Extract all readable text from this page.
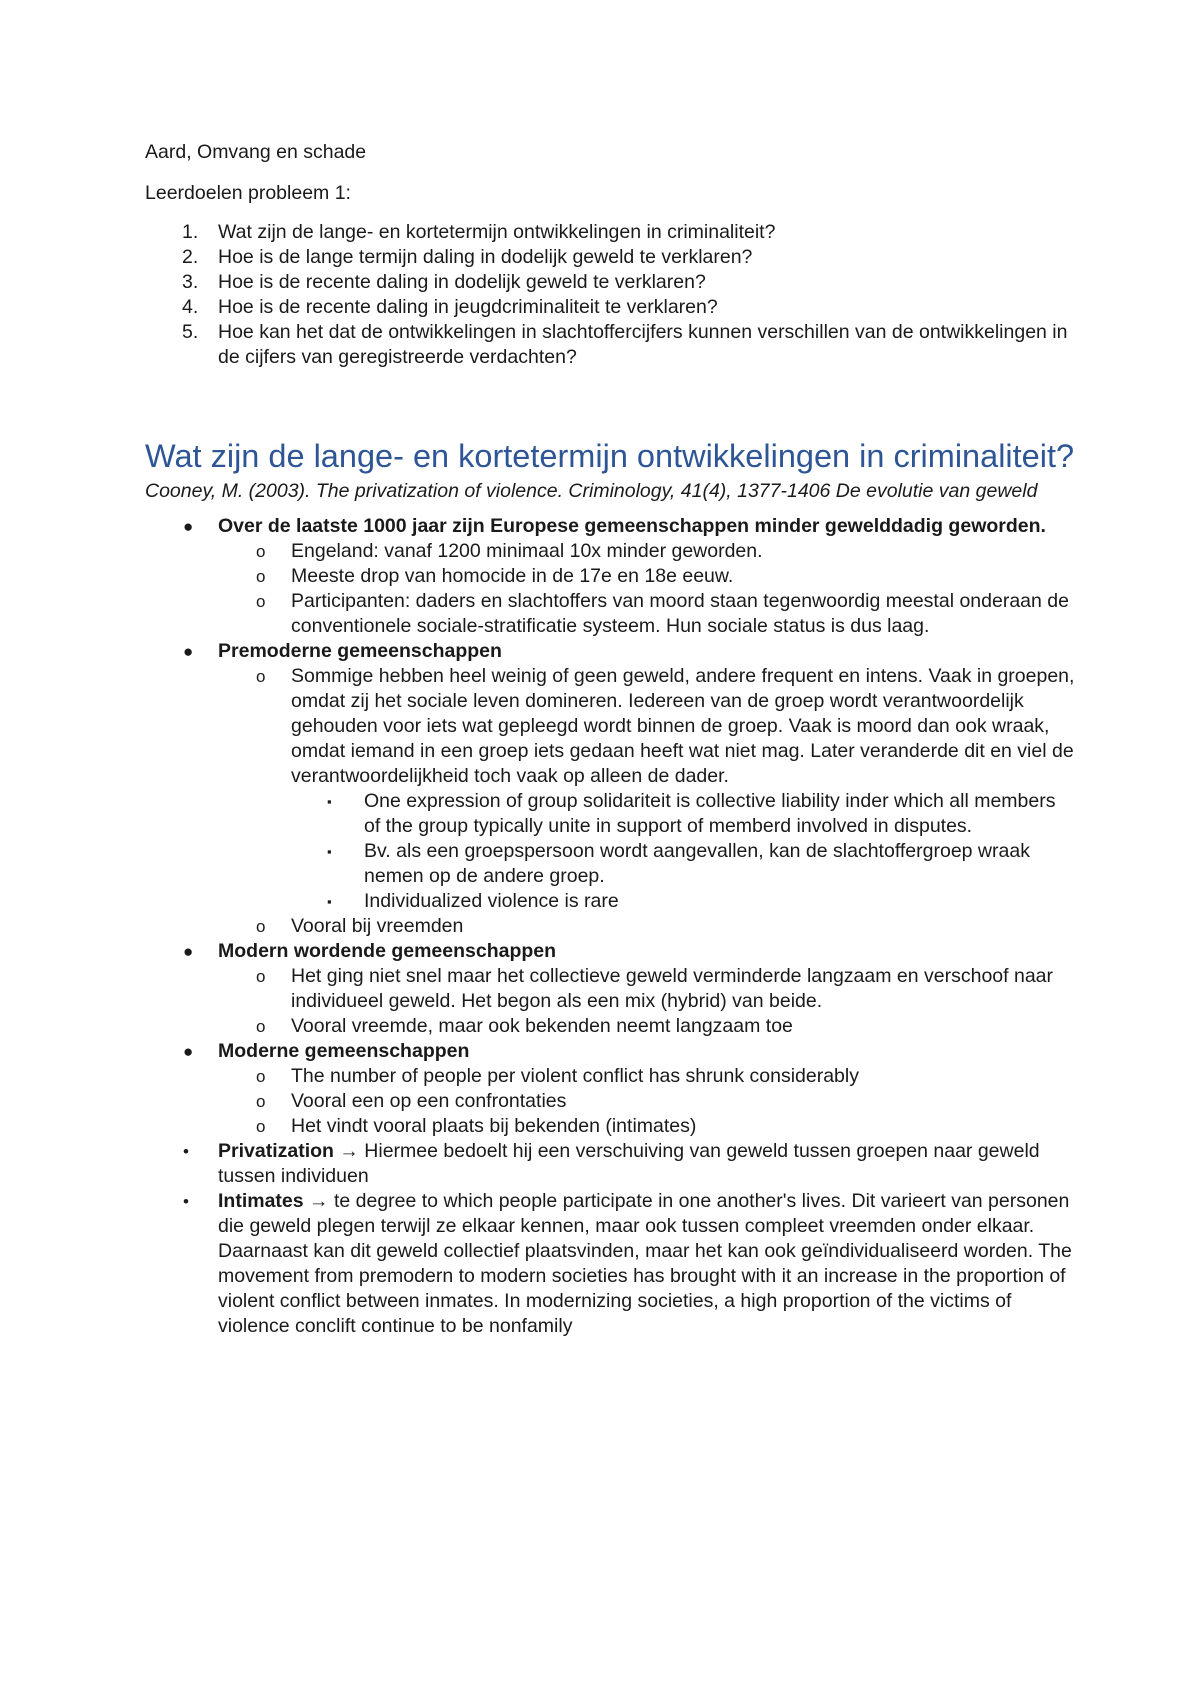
Aard, Omvang en schade

Leerdoelen probleem 1:

1. Wat zijn de lange- en kortetermijn ontwikkelingen in criminaliteit?
2. Hoe is de lange termijn daling in dodelijk geweld te verklaren?
3. Hoe is de recente daling in dodelijk geweld te verklaren?
4. Hoe is de recente daling in jeugdcriminaliteit te verklaren?
5. Hoe kan het dat de ontwikkelingen in slachtoffercijfers kunnen verschillen van de ontwikkelingen in de cijfers van geregistreerde verdachten?
Wat zijn de lange- en kortetermijn ontwikkelingen in criminaliteit?

Cooney, M. (2003). The privatization of violence. Criminology, 41(4), 1377-1406 De evolutie van geweld

● Over de laatste 1000 jaar zijn Europese gemeenschappen minder gewelddadig geworden.
o Engeland: vanaf 1200 minimaal 10x minder geworden.
o Meeste drop van homocide in de 17e en 18e eeuw.
o Participanten: daders en slachtoffers van moord staan tegenwoordig meestal onderaan de conventionele sociale-stratificatie systeem. Hun sociale status is dus laag.
● Premoderne gemeenschappen
o Sommige hebben heel weinig of geen geweld, andere frequent en intens. Vaak in groepen, omdat zij het sociale leven domineren. Iedereen van de groep wordt verantwoordelijk gehouden voor iets wat gepleegd wordt binnen de groep. Vaak is moord dan ook wraak, omdat iemand in een groep iets gedaan heeft wat niet mag. Later veranderde dit en viel de verantwoordelijkheid toch vaak op alleen de dader.
▪ One expression of group solidariteit is collective liability inder which all members of the group typically unite in support of memberd involved in disputes.
▪ Bv. als een groepspersoon wordt aangevallen, kan de slachtoffergroep wraak nemen op de andere groep.
▪ Individualized violence is rare
o Vooral bij vreemden
● Modern wordende gemeenschappen
o Het ging niet snel maar het collectieve geweld verminderde langzaam en verschoof naar individueel geweld. Het begon als een mix (hybrid) van beide.
o Vooral vreemde, maar ook bekenden neemt langzaam toe
● Moderne gemeenschappen
o The number of people per violent conflict has shrunk considerably
o Vooral een op een confrontaties
o Het vindt vooral plaats bij bekenden (intimates)
• Privatization → Hiermee bedoelt hij een verschuiving van geweld tussen groepen naar geweld tussen individuen
• Intimates → te degree to which people participate in one another's lives. Dit varieert van personen die geweld plegen terwijl ze elkaar kennen, maar ook tussen compleet vreemden onder elkaar. Daarnaast kan dit geweld collectief plaatsvinden, maar het kan ook geïndividualiseerd worden. The movement from premodern to modern societies has brought with it an increase in the proportion of violent conflict between inmates. In modernizing societies, a high proportion of the victims of violence conclift continue to be nonfamily
